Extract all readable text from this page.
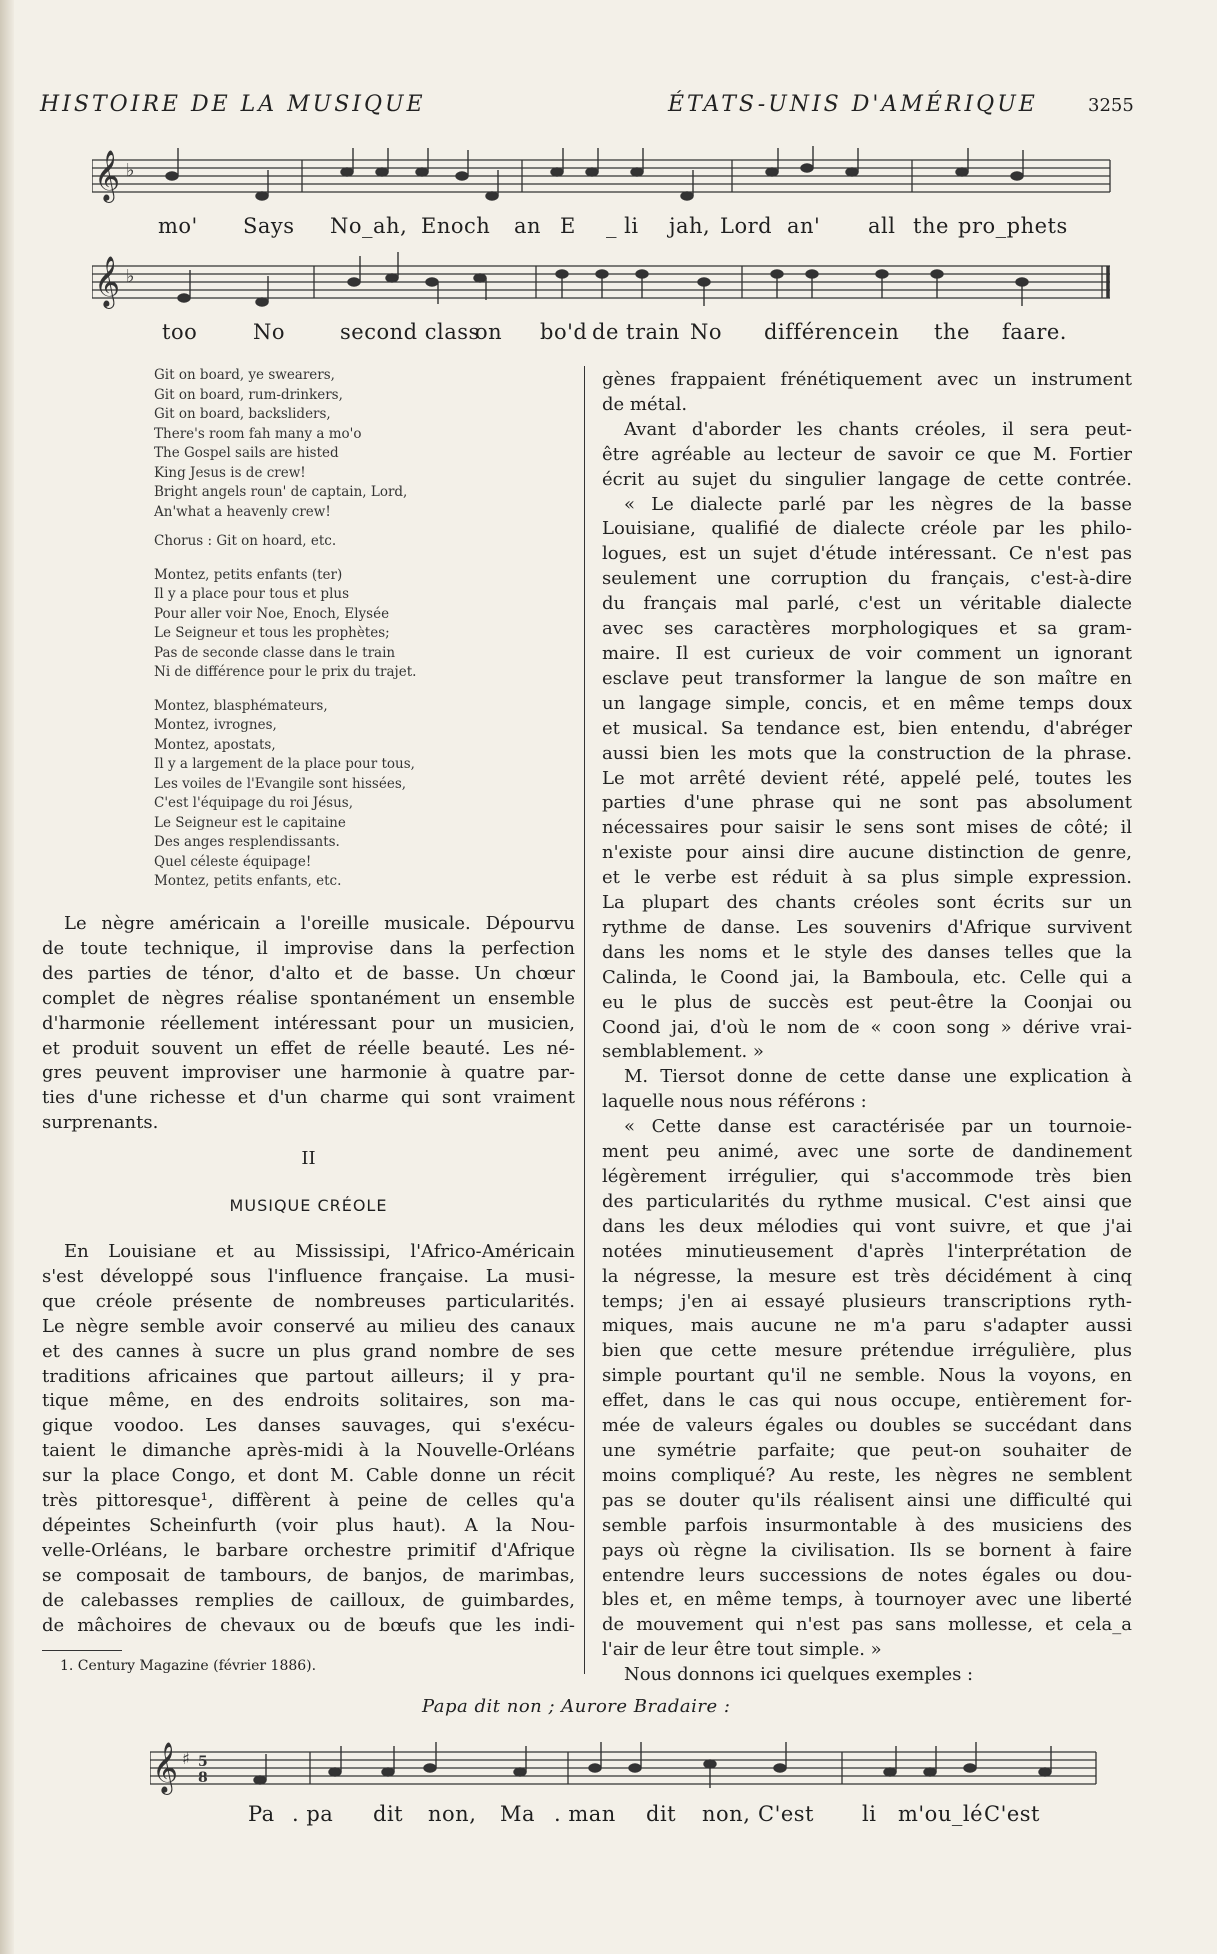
HISTOIRE DE LA MUSIQUE	ÉTATS-UNIS D'AMÉRIQUE	3255
𝄞 ♭
mo' Says No_ah, Enoch an E _ li jah, Lord an' all the pro_phets
𝄞 ♭
too	No	second class
on bo'd de train No différence in the faare.
Git on board, ye swearers,
Git on board, rum-drinkers,
Git on board, backsliders,
There's room fah many a mo'o
The Gospel sails are histed
King Jesus is de crew!
Bright angels roun' de captain, Lord,
An'what a heavenly crew!
Chorus : Git on hoard, etc.
Montez, petits enfants (ter)
Il y a place pour tous et plus
Pour aller voir Noe, Enoch, Elysée
Le Seigneur et tous les prophètes;
Pas de seconde classe dans le train
Ni de différence pour le prix du trajet.
Montez, blasphémateurs,
Montez, ivrognes,
Montez, apostats,
Il y a largement de la place pour tous,
Les voiles de l'Evangile sont hissées,
C'est l'équipage du roi Jésus,
Le Seigneur est le capitaine
Des anges resplendissants.
Quel céleste équipage!
Montez, petits enfants, etc.
Le nègre américain a l'oreille musicale. Dépourvu
de toute technique, il improvise dans la perfection
des parties de ténor, d'alto et de basse. Un chœur
complet de nègres réalise spontanément un ensemble
d'harmonie réellement intéressant pour un musicien,
et produit souvent un effet de réelle beauté. Les né-
gres peuvent improviser une harmonie à quatre par-
ties d'une richesse et d'un charme qui sont vraiment
surprenants.
II
MUSIQUE CRÉOLE
En Louisiane et au Mississipi, l'Africo-Américain
s'est développé sous l'influence française. La musi-
que créole présente de nombreuses particularités.
Le nègre semble avoir conservé au milieu des canaux
et des cannes à sucre un plus grand nombre de ses
traditions africaines que partout ailleurs; il y pra-
tique même, en des endroits solitaires, son ma-
gique voodoo. Les danses sauvages, qui s'exécu-
taient le dimanche après-midi à la Nouvelle-Orléans
sur la place Congo, et dont M. Cable donne un récit
très pittoresque¹, diffèrent à peine de celles qu'a
dépeintes Scheinfurth (voir plus haut). A la Nou-
velle-Orléans, le barbare orchestre primitif d'Afrique
se composait de tambours, de banjos, de marimbas,
de calebasses remplies de cailloux, de guimbardes,
de mâchoires de chevaux ou de bœufs que les indi-
1. Century Magazine (février 1886).
gènes frappaient frénétiquement avec un instrument
de métal.
Avant d'aborder les chants créoles, il sera peut-
être agréable au lecteur de savoir ce que M. Fortier
écrit au sujet du singulier langage de cette contrée.
« Le dialecte parlé par les nègres de la basse
Louisiane, qualifié de dialecte créole par les philo-
logues, est un sujet d'étude intéressant. Ce n'est pas
seulement une corruption du français, c'est-à-dire
du français mal parlé, c'est un véritable dialecte
avec ses caractères morphologiques et sa gram-
maire. Il est curieux de voir comment un ignorant
esclave peut transformer la langue de son maître en
un langage simple, concis, et en même temps doux
et musical. Sa tendance est, bien entendu, d'abréger
aussi bien les mots que la construction de la phrase.
Le mot arrêté devient rété, appelé pelé, toutes les
parties d'une phrase qui ne sont pas absolument
nécessaires pour saisir le sens sont mises de côté; il
n'existe pour ainsi dire aucune distinction de genre,
et le verbe est réduit à sa plus simple expression.
La plupart des chants créoles sont écrits sur un
rythme de danse. Les souvenirs d'Afrique survivent
dans les noms et le style des danses telles que la
Calinda, le Coond jai, la Bamboula, etc. Celle qui a
eu le plus de succès est peut-être la Coonjai ou
Coond jai, d'où le nom de « coon song » dérive vrai-
semblablement. »
M. Tiersot donne de cette danse une explication à
laquelle nous nous référons :
« Cette danse est caractérisée par un tournoie-
ment peu animé, avec une sorte de dandinement
légèrement irrégulier, qui s'accommode très bien
des particularités du rythme musical. C'est ainsi que
dans les deux mélodies qui vont suivre, et que j'ai
notées minutieusement d'après l'interprétation de
la négresse, la mesure est très décidément à cinq
temps; j'en ai essayé plusieurs transcriptions ryth-
miques, mais aucune ne m'a paru s'adapter aussi
bien que cette mesure prétendue irrégulière, plus
simple pourtant qu'il ne semble. Nous la voyons, en
effet, dans le cas qui nous occupe, entièrement for-
mée de valeurs égales ou doubles se succédant dans
une symétrie parfaite; que peut-on souhaiter de
moins compliqué? Au reste, les nègres ne semblent
pas se douter qu'ils réalisent ainsi une difficulté qui
semble parfois insurmontable à des musiciens des
pays où règne la civilisation. Ils se bornent à faire
entendre leurs successions de notes égales ou dou-
bles et, en même temps, à tournoyer avec une liberté
de mouvement qui n'est pas sans mollesse, et cela_a
l'air de leur être tout simple. »
Nous donnons ici quelques exemples :
Papa dit non ; Aurore Bradaire :
𝄞 ♯ 5
8
Pa . pa dit non, Ma . man dit non, C'est li m'ou_lé C'est
